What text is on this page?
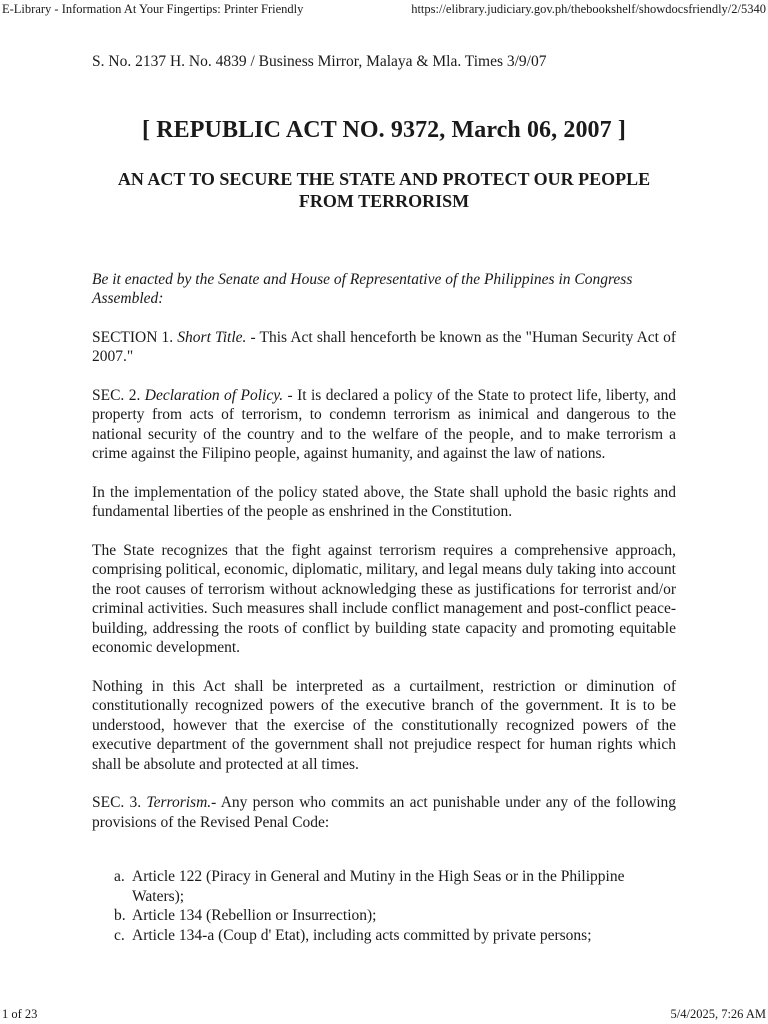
E-Library - Information At Your Fingertips: Printer Friendly	https://elibrary.judiciary.gov.ph/thebookshelf/showdocsfriendly/2/5340

S. No. 2137 H. No. 4839 / Business Mirror, Malaya & Mla. Times 3/9/07

[ REPUBLIC ACT NO. 9372, March 06, 2007 ]
AN ACT TO SECURE THE STATE AND PROTECT OUR PEOPLE FROM TERRORISM

Be it enacted by the Senate and House of Representative of the Philippines in Congress Assembled:

SECTION 1. Short Title. - This Act shall henceforth be known as the "Human Security Act of 2007."

SEC. 2. Declaration of Policy. - It is declared a policy of the State to protect life, liberty, and property from acts of terrorism, to condemn terrorism as inimical and dangerous to the national security of the country and to the welfare of the people, and to make terrorism a crime against the Filipino people, against humanity, and against the law of nations.

In the implementation of the policy stated above, the State shall uphold the basic rights and fundamental liberties of the people as enshrined in the Constitution.

The State recognizes that the fight against terrorism requires a comprehensive approach, comprising political, economic, diplomatic, military, and legal means duly taking into account the root causes of terrorism without acknowledging these as justifications for terrorist and/or criminal activities. Such measures shall include conflict management and post-conflict peace-building, addressing the roots of conflict by building state capacity and promoting equitable economic development.

Nothing in this Act shall be interpreted as a curtailment, restriction or diminution of constitutionally recognized powers of the executive branch of the government. It is to be understood, however that the exercise of the constitutionally recognized powers of the executive department of the government shall not prejudice respect for human rights which shall be absolute and protected at all times.

SEC. 3. Terrorism.- Any person who commits an act punishable under any of the following provisions of the Revised Penal Code:

a. Article 122 (Piracy in General and Mutiny in the High Seas or in the Philippine Waters);
b. Article 134 (Rebellion or Insurrection);
c. Article 134-a (Coup d' Etat), including acts committed by private persons;
1 of 23	5/4/2025, 7:26 AM
